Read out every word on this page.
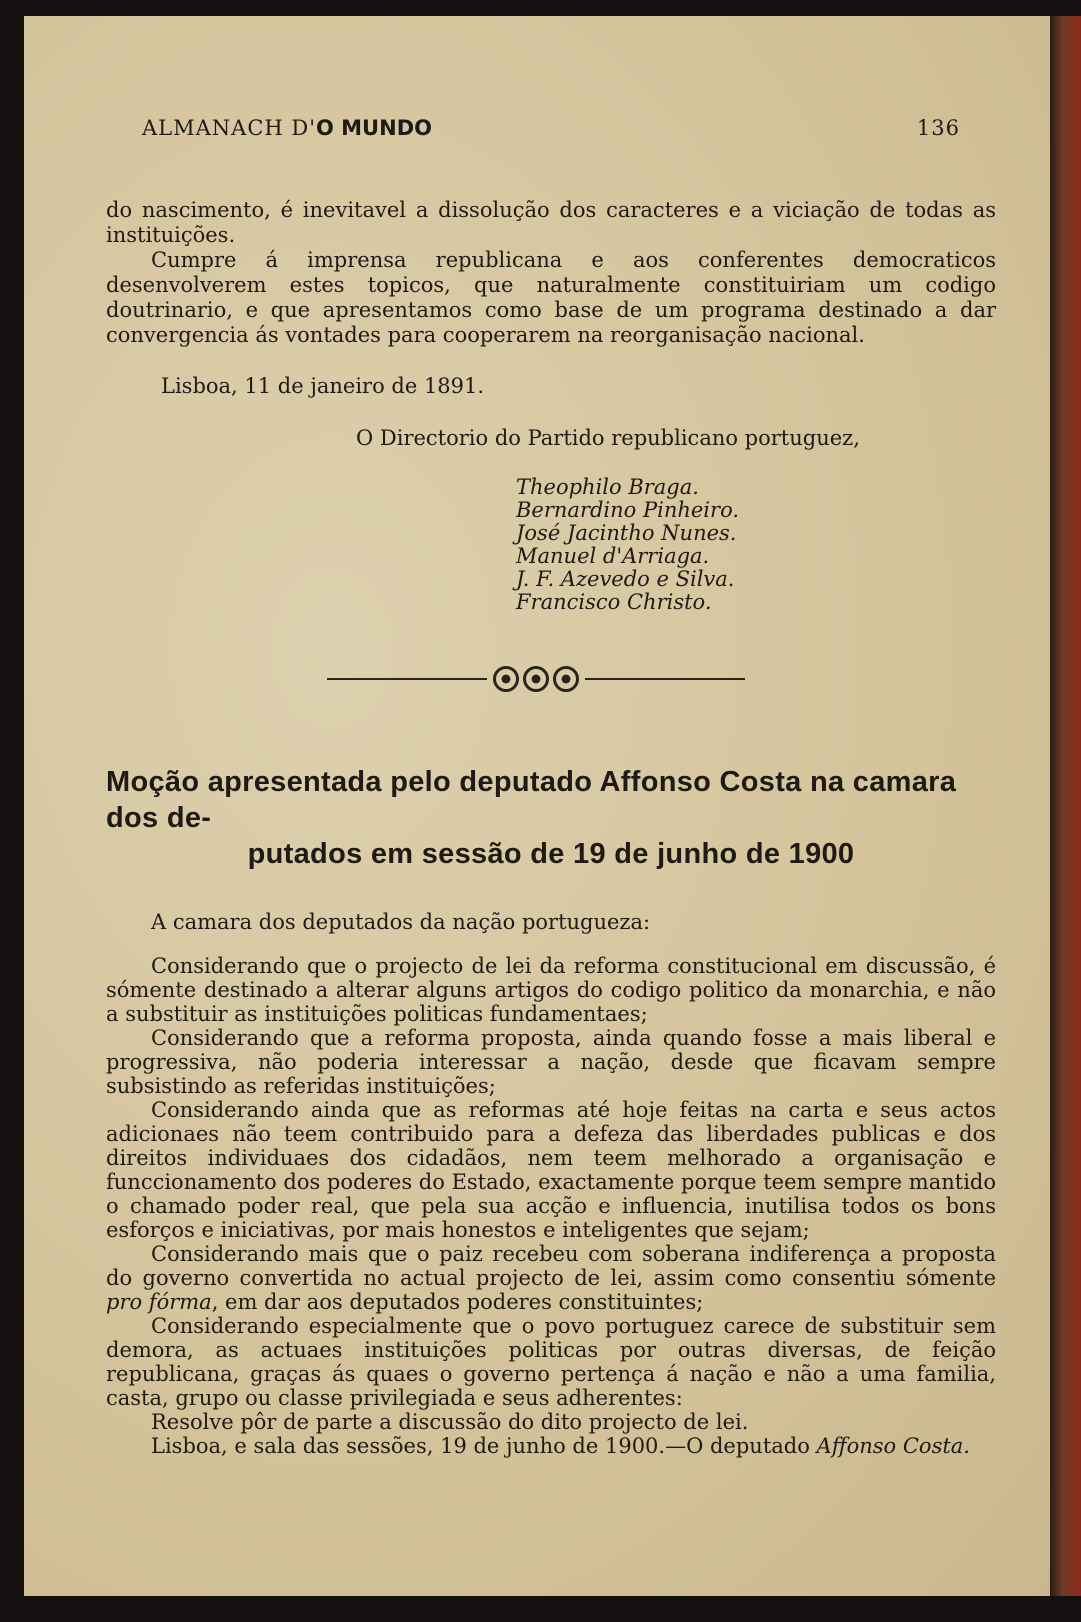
ALMANACH D'O MUNDO	136

do nascimento, é inevitavel a dissolução dos caracteres e a viciação de todas as instituições.

Cumpre á imprensa republicana e aos conferentes democraticos desenvolverem estes topicos, que naturalmente constituiriam um codigo doutrinario, e que apresentamos como base de um programa destinado a dar convergencia ás vontades para cooperarem na reorganisação nacional.

Lisboa, 11 de janeiro de 1891.
O Directorio do Partido republicano portuguez,
Theophilo Braga.
Bernardino Pinheiro.
José Jacintho Nunes.
Manuel d'Arriaga.
J. F. Azevedo e Silva.
Francisco Christo.
Moção apresentada pelo deputado Affonso Costa na camara dos de-
putados em sessão de 19 de junho de 1900
A camara dos deputados da nação portugueza:

Considerando que o projecto de lei da reforma constitucional em discussão, é sómente destinado a alterar alguns artigos do codigo politico da monarchia, e não a substituir as instituições politicas fundamentaes;

Considerando que a reforma proposta, ainda quando fosse a mais liberal e progressiva, não poderia interessar a nação, desde que ficavam sempre subsistindo as referidas instituições;

Considerando ainda que as reformas até hoje feitas na carta e seus actos adicionaes não teem contribuido para a defeza das liberdades publicas e dos direitos individuaes dos cidadãos, nem teem melhorado a organisação e funccionamento dos poderes do Estado, exactamente porque teem sempre mantido o chamado poder real, que pela sua acção e influencia, inutilisa todos os bons esforços e iniciativas, por mais honestos e inteligentes que sejam;

Considerando mais que o paiz recebeu com soberana indiferença a proposta do governo convertida no actual projecto de lei, assim como consentiu sómente pro fórma, em dar aos deputados poderes constituintes;

Considerando especialmente que o povo portuguez carece de substituir sem demora, as actuaes instituições politicas por outras diversas, de feição republicana, graças ás quaes o governo pertença á nação e não a uma familia, casta, grupo ou classe privilegiada e seus adherentes:

Resolve pôr de parte a discussão do dito projecto de lei.

Lisboa, e sala das sessões, 19 de junho de 1900.—O deputado Affonso Costa.
